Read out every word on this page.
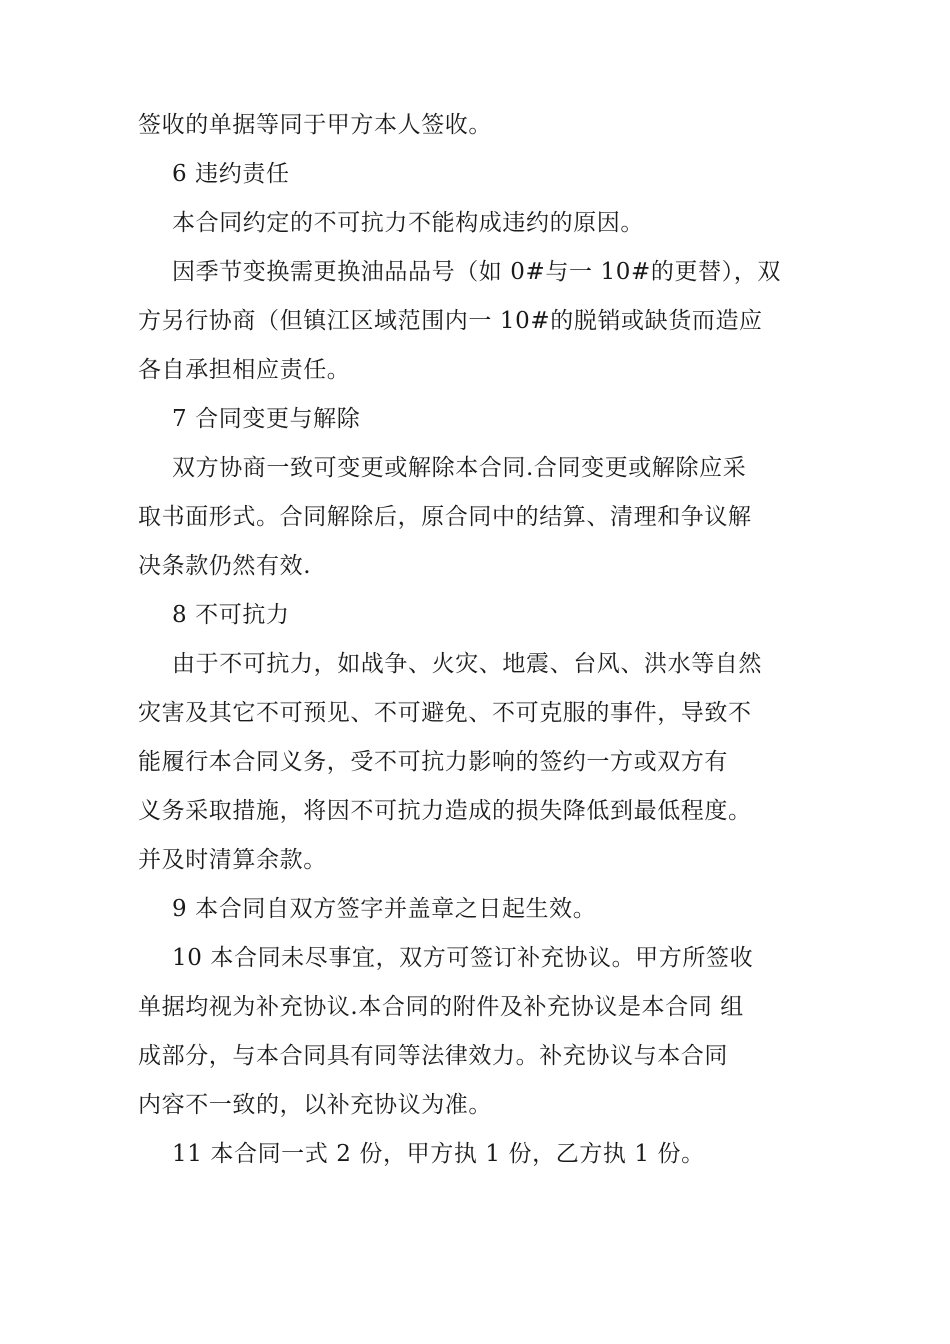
签收的单据等同于甲方本人签收。
6 违约责任
本合同约定的不可抗力不能构成违约的原因。
因季节变换需更换油品品号（如 0#与一 10#的更替），双
方另行协商（但镇江区域范围内一 10#的脱销或缺货而造应
各自承担相应责任。
7 合同变更与解除
双方协商一致可变更或解除本合同.合同变更或解除应采
取书面形式。合同解除后，原合同中的结算、清理和争议解
决条款仍然有效.
8 不可抗力
由于不可抗力，如战争、火灾、地震、台风、洪水等自然
灾害及其它不可预见、不可避免、不可克服的事件，导致不
能履行本合同义务，受不可抗力影响的签约一方或双方有
义务采取措施，将因不可抗力造成的损失降低到最低程度。
并及时清算余款。
9 本合同自双方签字并盖章之日起生效。
10 本合同未尽事宜，双方可签订补充协议。甲方所签收
单据均视为补充协议.本合同的附件及补充协议是本合同 组
成部分，与本合同具有同等法律效力。补充协议与本合同
内容不一致的，以补充协议为准。
11 本合同一式 2 份，甲方执 1 份，乙方执 1 份。
